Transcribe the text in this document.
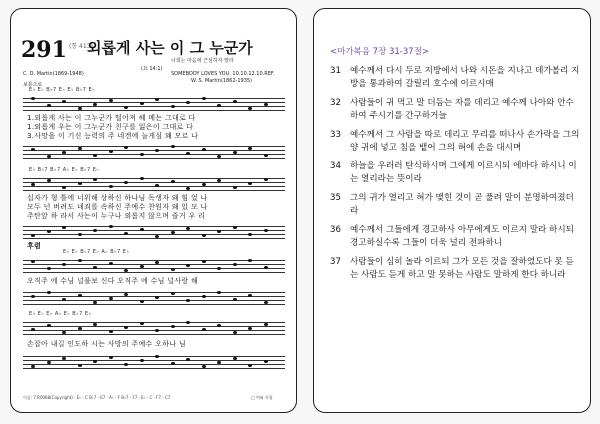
291 (통 413)
외롭게 사는 이 그 누군가
너희는 마음에 근심하지 말라
C. D. Martin(1869-1948)	SOMEBODY LOVES YOU. 10.10.12.10.REF.
(요 14:1)
W. S. Martin(1862-1935)
보통으로
E♭ E♭ B♭7 E♭ E♭ B♭7 E♭
1.외롭게 사는 이 그누군가 떨어져 헤 메는 그대로 다
1.외롭게 우는 이 그누군가 친구를 잃은이 그대로 다
3.사망을 이 기신 능력의 주 네겐에 늘게심 왜 모르 나
E♭ B♭7 B♭7 A♭ E♭ B♭7 E♭
십자가 형 틀에 너위해 상하신 하나님 독생자 왜 힘 었 나
모두 넌 버려도 네죄를 속하신 주예수 찬원자 왜 있 모 나
주탄앞 하 라서 사는이 누구나 외롭지 않으며 즐거 우 리
후렴
E♭ E♭ B♭7 E♭ A♭ B♭7 E♭
오직주 에 수님 널풀보 신다 오직주 에 수님 널사랑 해
E♭ E♭ E♭ A♭ E♭ B♭7 E♭
손잡아 내길 인도하 시는 사망의 주예수 오하나 님
이음: 7 R0088(Copyright) · E♭ - C B♭7 - E7 · A♭ - F B♭7 - F7 · E♭ - C · F7 - C7	□ 여와 사랑
<마가복음 7장 31-37절>
31	예수께서 다시 두로 지방에서 나와 시돈을 지나고 데가볼리 지방을 통과하여 갈릴리 호수에 이르시매
32	사람들이 귀 먹고 말 더듬는 자를 데리고 예수께 나아와 안수하여 주시기를 간구하거늘
33	예수께서 그 사람을 따로 데리고 무리를 떠나사 손가락을 그의 양 귀에 넣고 침을 뱉어 그의 혀에 손을 대시며
34	하늘을 우러러 탄식하시며 그에게 이르시되 에바다 하시니 이는 열리라는 뜻이라
35	그의 귀가 열리고 혀가 맺힌 것이 곧 풀려 말이 분명하여졌더라
36	예수께서 그들에게 경고하사 아무에게도 이르지 말라 하시되 경고하실수록 그들이 더욱 널리 전파하니
37	사람들이 심히 놀라 이르되 그가 모든 것을 잘하였도다 못 듣는 사람도 듣게 하고 말 못하는 사람도 말하게 한다 하니라
